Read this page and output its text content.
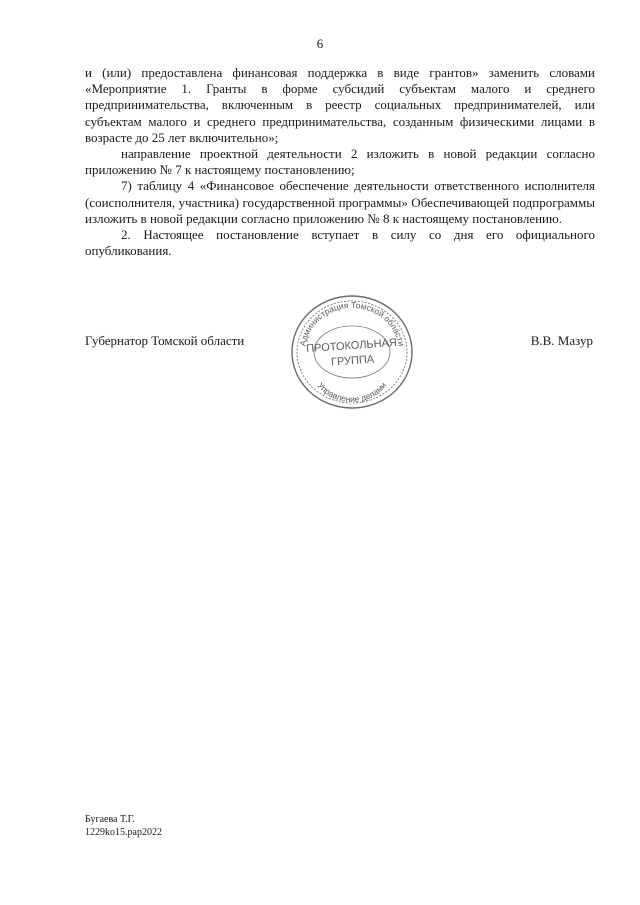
6

и (или) предоставлена финансовая поддержка в виде грантов» заменить словами «Мероприятие 1. Гранты в форме субсидий субъектам малого и среднего предпринимательства, включенным в реестр социальных предпринимателей, или субъектам малого и среднего предпринимательства, созданным физическими лицами в возрасте до 25 лет включительно»;

направление проектной деятельности 2 изложить в новой редакции согласно приложению № 7 к настоящему постановлению;

7) таблицу 4 «Финансовое обеспечение деятельности ответственного исполнителя (соисполнителя, участника) государственной программы» Обеспечивающей подпрограммы изложить в новой редакции согласно приложению № 8 к настоящему постановлению.

2. Настоящее постановление вступает в силу со дня его официального опубликования.

Губернатор Томской области	Администрация Томской области
Управление делами
ПРОТОКОЛЬНАЯ
ГРУППА
В.В. Мазур
Бугаева Т.Г.
1229ko15.pap2022
